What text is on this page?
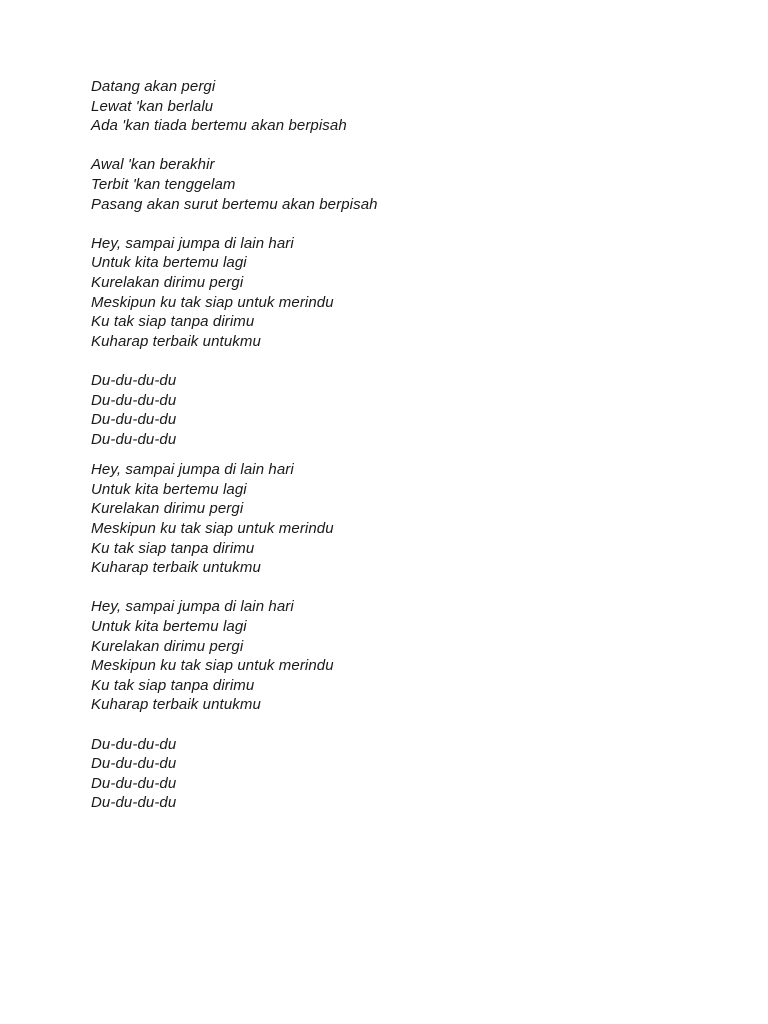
Datang akan pergi
Lewat 'kan berlalu
Ada 'kan tiada bertemu akan berpisah
Awal 'kan berakhir
Terbit 'kan tenggelam
Pasang akan surut bertemu akan berpisah
Hey, sampai jumpa di lain hari
Untuk kita bertemu lagi
Kurelakan dirimu pergi
Meskipun ku tak siap untuk merindu
Ku tak siap tanpa dirimu
Kuharap terbaik untukmu
Du-du-du-du
Du-du-du-du
Du-du-du-du
Du-du-du-du
Hey, sampai jumpa di lain hari
Untuk kita bertemu lagi
Kurelakan dirimu pergi
Meskipun ku tak siap untuk merindu
Ku tak siap tanpa dirimu
Kuharap terbaik untukmu
Hey, sampai jumpa di lain hari
Untuk kita bertemu lagi
Kurelakan dirimu pergi
Meskipun ku tak siap untuk merindu
Ku tak siap tanpa dirimu
Kuharap terbaik untukmu
Du-du-du-du
Du-du-du-du
Du-du-du-du
Du-du-du-du
